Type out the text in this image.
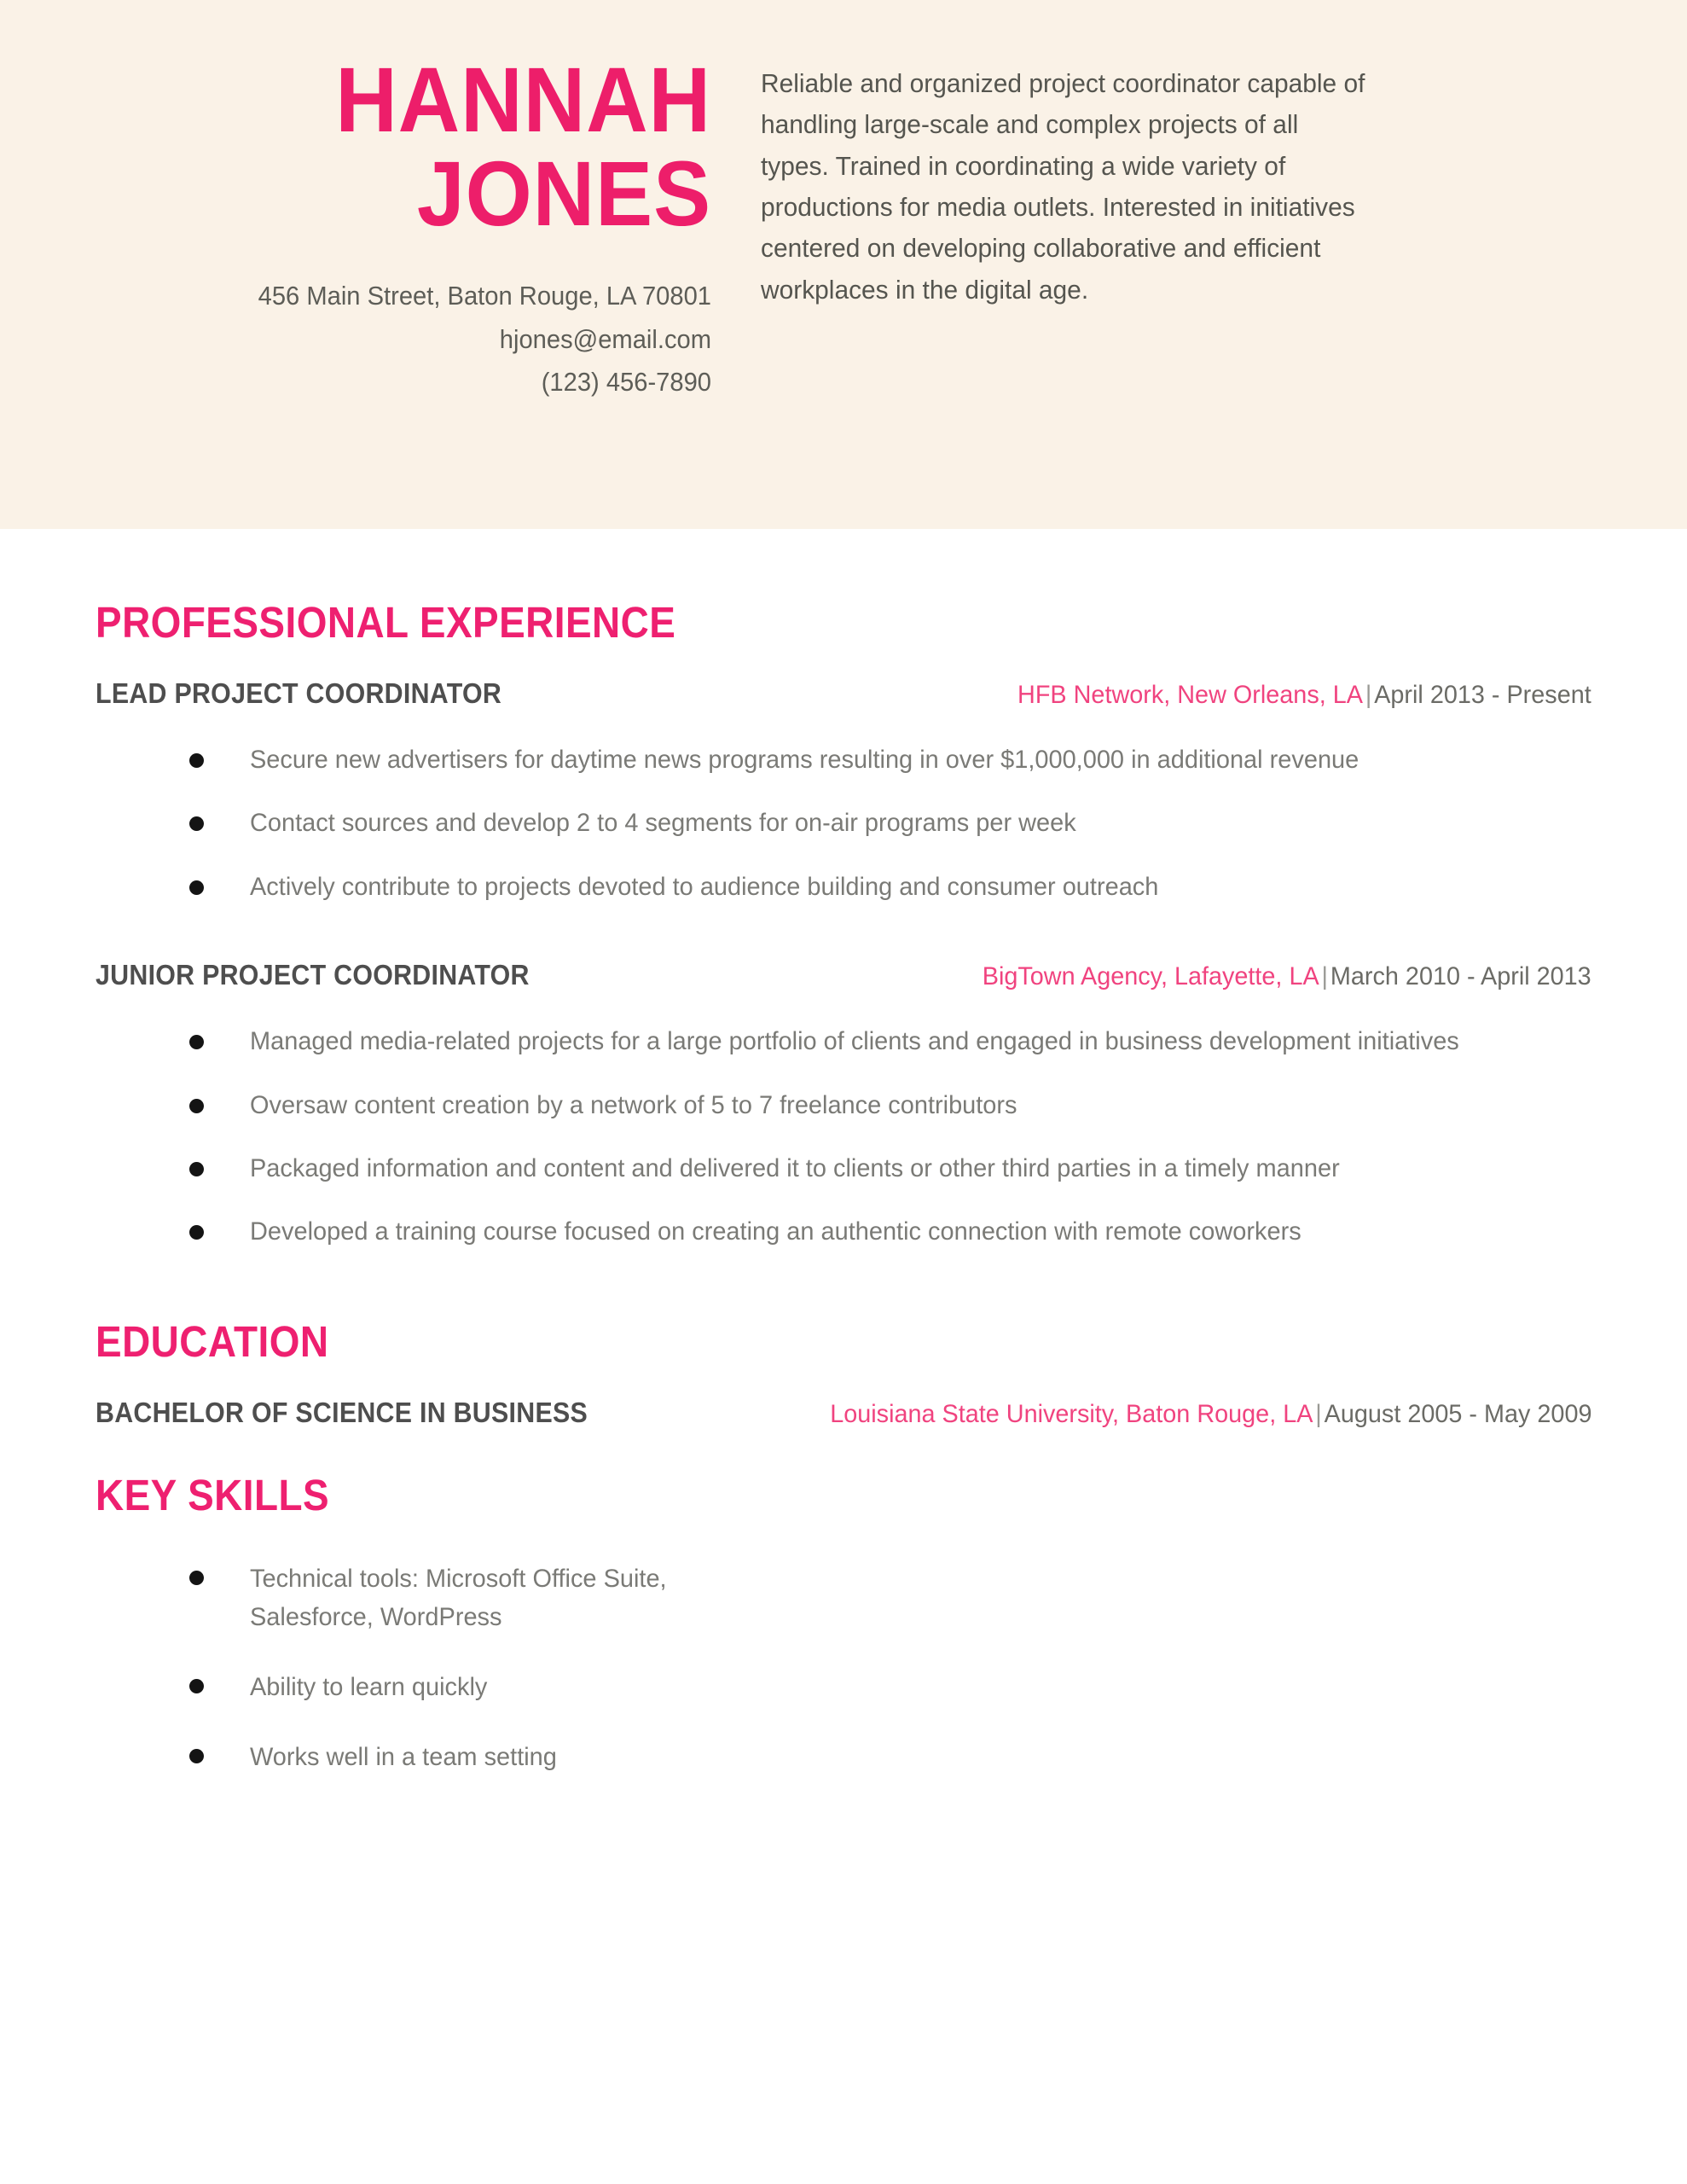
HANNAH
JONES
456 Main Street, Baton Rouge, LA 70801
hjones@email.com
(123) 456-7890
Reliable and organized project coordinator capable of handling large-scale and complex projects of all types. Trained in coordinating a wide variety of productions for media outlets. Interested in initiatives centered on developing collaborative and efficient workplaces in the digital age.
PROFESSIONAL EXPERIENCE
LEAD PROJECT COORDINATOR	HFB Network, New Orleans, LA|April 2013 - Present
Secure new advertisers for daytime news programs resulting in over $1,000,000 in additional revenue
Contact sources and develop 2 to 4 segments for on-air programs per week
Actively contribute to projects devoted to audience building and consumer outreach
JUNIOR PROJECT COORDINATOR	BigTown Agency, Lafayette, LA|March 2010 - April 2013
Managed media-related projects for a large portfolio of clients and engaged in business development initiatives
Oversaw content creation by a network of 5 to 7 freelance contributors
Packaged information and content and delivered it to clients or other third parties in a timely manner
Developed a training course focused on creating an authentic connection with remote coworkers
EDUCATION
BACHELOR OF SCIENCE IN BUSINESS	Louisiana State University, Baton Rouge, LA|August 2005 - May 2009
KEY SKILLS
Technical tools: Microsoft Office Suite, Salesforce, WordPress
Ability to learn quickly
Works well in a team setting
